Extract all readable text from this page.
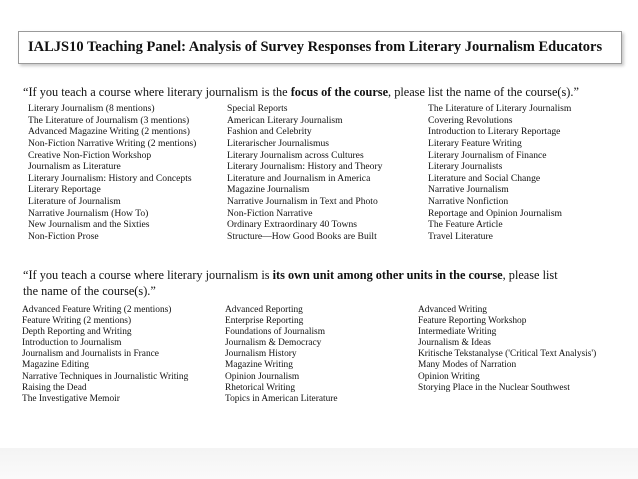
IALJS10 Teaching Panel: Analysis of Survey Responses from Literary Journalism Educators
“If you teach a course where literary journalism is the focus of the course, please list the name of the course(s).”
Literary Journalism (8 mentions)
The Literature of Journalism (3 mentions)
Advanced Magazine Writing (2 mentions)
Non-Fiction Narrative Writing (2 mentions)
Creative Non-Fiction Workshop
Journalism as Literature
Literary Journalism: History and Concepts
Literary Reportage
Literature of Journalism
Narrative Journalism (How To)
New Journalism and the Sixties
Non-Fiction Prose
Special Reports
American Literary Journalism
Fashion and Celebrity
Literarischer Journalismus
Literary Journalism across Cultures
Literary Journalism: History and Theory
Literature and Journalism in America
Magazine Journalism
Narrative Journalism in Text and Photo
Non-Fiction Narrative
Ordinary Extraordinary 40 Towns
Structure—How Good Books are Built
The Literature of Literary Journalism
Covering Revolutions
Introduction to Literary Reportage
Literary Feature Writing
Literary Journalism of Finance
Literary Journalists
Literature and Social Change
Narrative Journalism
Narrative Nonfiction
Reportage and Opinion Journalism
The Feature Article
Travel Literature
“If you teach a course where literary journalism is its own unit among other units in the course, please list
the name of the course(s).”
Advanced Feature Writing (2 mentions)
Feature Writing (2 mentions)
Depth Reporting and Writing
Introduction to Journalism
Journalism and Journalists in France
Magazine Editing
Narrative Techniques in Journalistic Writing
Raising the Dead
The Investigative Memoir
Advanced Reporting
Enterprise Reporting
Foundations of Journalism
Journalism & Democracy
Journalism History
Magazine Writing
Opinion Journalism
Rhetorical Writing
Topics in American Literature
Advanced Writing
Feature Reporting Workshop
Intermediate Writing
Journalism & Ideas
Kritische Tekstanalyse ('Critical Text Analysis')
Many Modes of Narration
Opinion Writing
Storying Place in the Nuclear Southwest
